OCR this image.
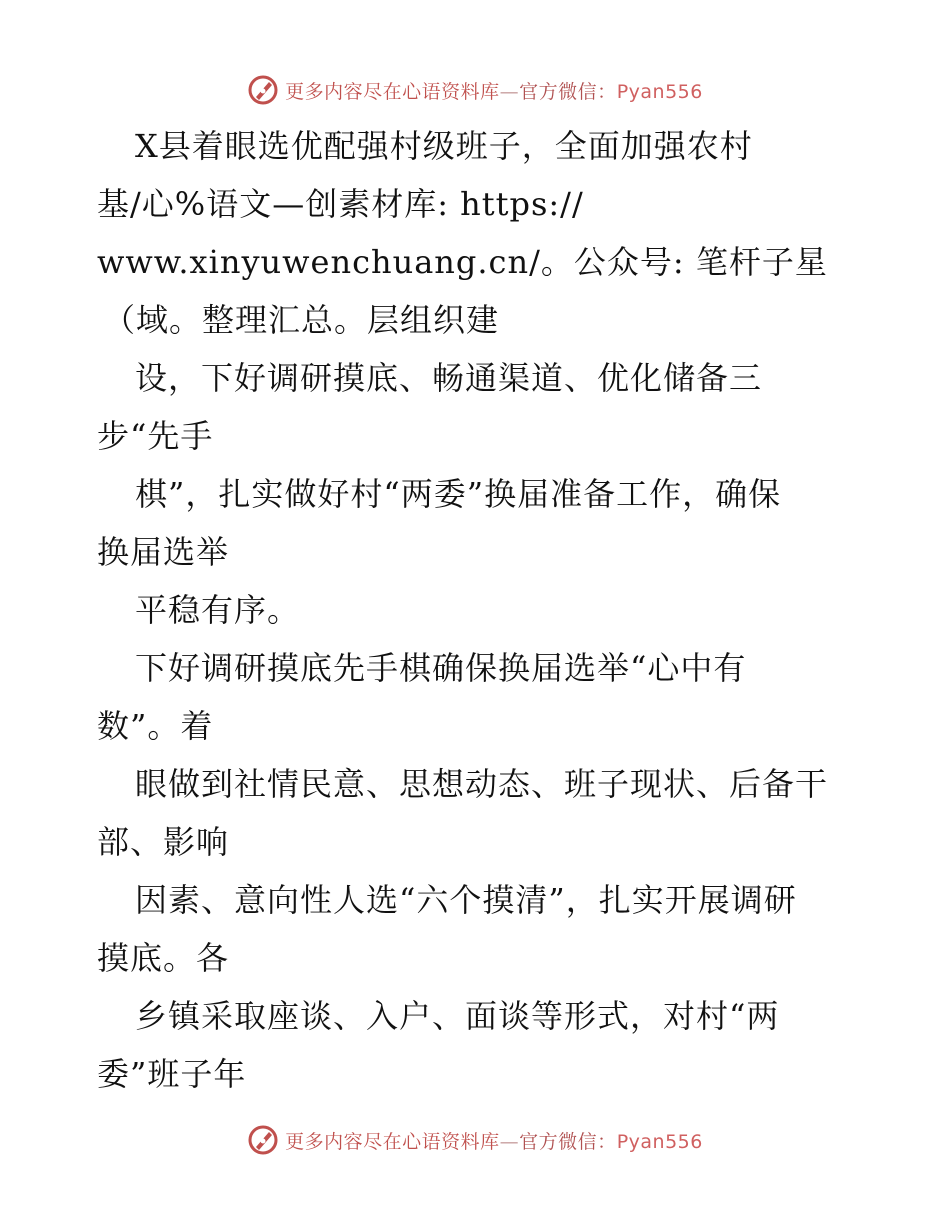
更多内容尽在心语资料库—官方微信：Pyan556
X县着眼选优配强村级班子，全面加强农村
基/心%语文—创素材库: https://
www.xinyuwenchuang.cn/。公众号: 笔杆子星
（域。整理汇总。层组织建
设，下好调研摸底、畅通渠道、优化储备三
步“先手
棋”，扎实做好村“两委”换届准备工作，确保
换届选举
平稳有序。
下好调研摸底先手棋确保换届选举“心中有
数”。着
眼做到社情民意、思想动态、班子现状、后备干
部、影响
因素、意向性人选“六个摸清”，扎实开展调研
摸底。各
乡镇采取座谈、入户、面谈等形式，对村“两
委”班子年
更多内容尽在心语资料库—官方微信：Pyan556
